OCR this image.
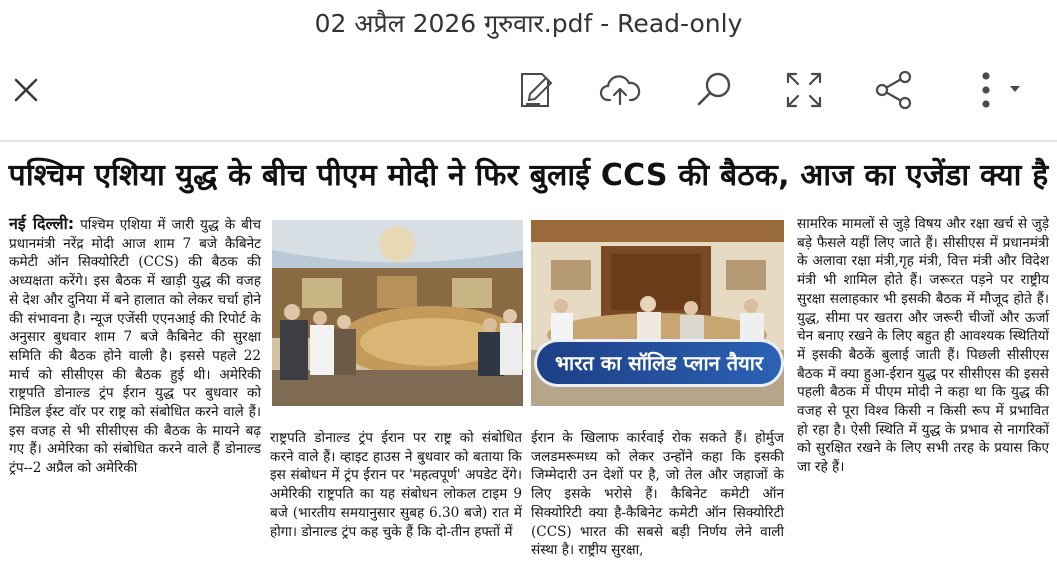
02 अप्रैल 2026 गुरुवार.pdf - Read-only
पश्चिम एशिया युद्ध के बीच पीएम मोदी ने फिर बुलाई CCS की बैठक, आज का एजेंडा क्या है
नई दिल्ली: पश्चिम एशिया में जारी युद्ध के बीच प्रधानमंत्री नरेंद्र मोदी आज शाम 7 बजे कैबिनेट कमेटी ऑन सिक्योरिटी (CCS) की बैठक की अध्यक्षता करेंगे। इस बैठक में खाड़ी युद्ध की वजह से देश और दुनिया में बने हालात को लेकर चर्चा होने की संभावना है। न्यूज एजेंसी एएनआई की रिपोर्ट के अनुसार बुधवार शाम 7 बजे कैबिनेट की सुरक्षा समिति की बैठक होने वाली है। इससे पहले 22 मार्च को सीसीएस की बैठक हुई थी। अमेरिकी राष्ट्रपति डोनाल्ड ट्रंप ईरान युद्ध पर बुधवार को मिडिल ईस्ट वॉर पर राष्ट्र को संबोधित करने वाले हैं। इस वजह से भी सीसीएस की बैठक के मायने बढ़ गए हैं। अमेरिका को संबोधित करने वाले हैं डोनाल्ड ट्रंप--2 अप्रैल को अमेरिकी
भारत का सॉलिड प्लान तैयार
राष्ट्रपति डोनाल्ड ट्रंप ईरान पर राष्ट्र को संबोधित करने वाले हैं। व्हाइट हाउस ने बुधवार को बताया कि इस संबोधन में ट्रंप ईरान पर 'महत्वपूर्ण' अपडेट देंगे। अमेरिकी राष्ट्रपति का यह संबोधन लोकल टाइम 9 बजे (भारतीय समयानुसार सुबह 6.30 बजे) रात में होगा। डोनाल्ड ट्रंप कह चुके हैं कि दो-तीन हफ्तों में
ईरान के खिलाफ कार्रवाई रोक सकते हैं। होर्मुज जलडमरूमध्य को लेकर उन्होंने कहा कि इसकी जिम्मेदारी उन देशों पर है, जो तेल और जहाजों के लिए इसके भरोसे हैं। कैबिनेट कमेटी ऑन सिक्योरिटी क्या है-कैबिनेट कमेटी ऑन सिक्योरिटी (CCS) भारत की सबसे बड़ी निर्णय लेने वाली संस्था है। राष्ट्रीय सुरक्षा,
सामरिक मामलों से जुड़े विषय और रक्षा खर्च से जुड़े बड़े फैसले यहीं लिए जाते हैं। सीसीएस में प्रधानमंत्री के अलावा रक्षा मंत्री,गृह मंत्री, वित्त मंत्री और विदेश मंत्री भी शामिल होते हैं। जरूरत पड़ने पर राष्ट्रीय सुरक्षा सलाहकार भी इसकी बैठक में मौजूद होते हैं। युद्ध, सीमा पर खतरा और जरूरी चीजों और ऊर्जा चेन बनाए रखने के लिए बहुत ही आवश्यक स्थितियों में इसकी बैठकें बुलाई जाती हैं। पिछली सीसीएस बैठक में क्या हुआ-ईरान युद्ध पर सीसीएस की इससे पहली बैठक में पीएम मोदी ने कहा था कि युद्ध की वजह से पूरा विश्व किसी न किसी रूप में प्रभावित हो रहा है। ऐसी स्थिति में युद्ध के प्रभाव से नागरिकों को सुरक्षित रखने के लिए सभी तरह के प्रयास किए जा रहे हैं।
